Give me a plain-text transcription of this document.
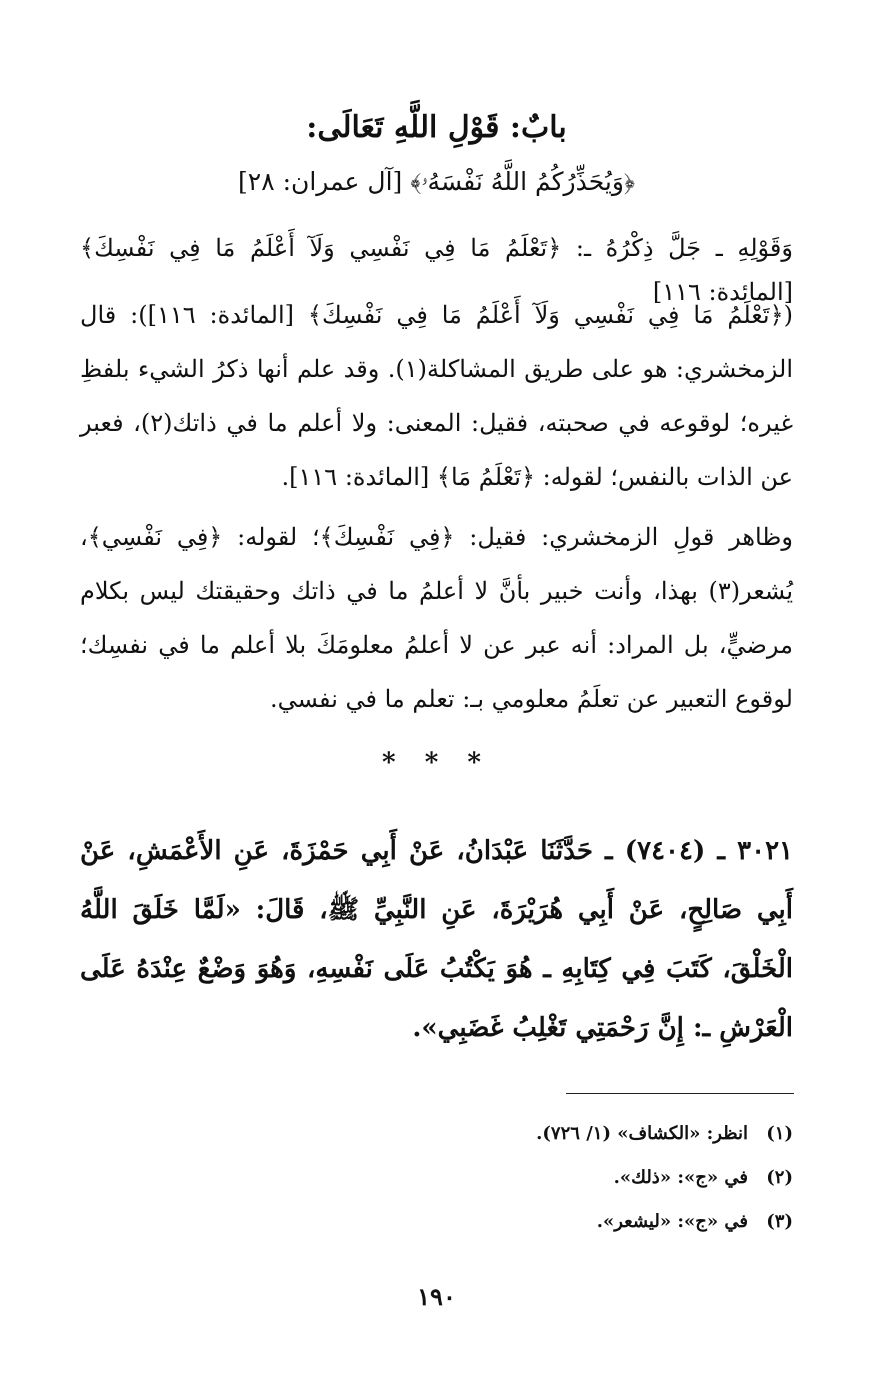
بابٌ: قَوْلِ اللَّهِ تَعَالَى:
﴿وَيُحَذِّرُكُمُ اللَّهُ نَفْسَهُۥ﴾ [آل عمران: ٢٨]
وَقَوْلِهِ ـ جَلَّ ذِكْرُهُ ـ: ﴿تَعْلَمُ مَا فِي نَفْسِي وَلَآ أَعْلَمُ مَا فِي نَفْسِكَ﴾ [المائدة: ١١٦]

(﴿تَعْلَمُ مَا فِي نَفْسِي وَلَآ أَعْلَمُ مَا فِي نَفْسِكَ﴾ [المائدة: ١١٦]): قال الزمخشري: هو على طريق المشاكلة(١). وقد علم أنها ذكرُ الشيء بلفظِ غيره؛ لوقوعه في صحبته، فقيل: المعنى: ولا أعلم ما في ذاتك(٢)، فعبر عن الذات بالنفس؛ لقوله: ﴿تَعْلَمُ مَا﴾ [المائدة: ١١٦].

وظاهر قولِ الزمخشري: فقيل: ﴿فِي نَفْسِكَ﴾؛ لقوله: ﴿فِي نَفْسِي﴾، يُشعر(٣) بهذا، وأنت خبير بأنَّ لا أعلمُ ما في ذاتك وحقيقتك ليس بكلام مرضيٍّ، بل المراد: أنه عبر عن لا أعلمُ معلومَكَ بلا أعلم ما في نفسِك؛ لوقوع التعبير عن تعلَمُ معلومي بـ: تعلم ما في نفسي.

* * *
٣٠٢١ ـ (٧٤٠٤) ـ حَدَّثَنَا عَبْدَانُ، عَنْ أَبِي حَمْزَةَ، عَنِ الأَعْمَشِ، عَنْ أَبِي صَالِحٍ، عَنْ أَبِي هُرَيْرَةَ، عَنِ النَّبِيِّ ﷺ، قَالَ: «لَمَّا خَلَقَ اللَّهُ الْخَلْقَ، كَتَبَ فِي كِتَابِهِ ـ هُوَ يَكْتُبُ عَلَى نَفْسِهِ، وَهُوَ وَضْعٌ عِنْدَهُ عَلَى الْعَرْشِ ـ: إِنَّ رَحْمَتِي تَغْلِبُ غَضَبِي».
(١) انظر: «الكشاف» (١/ ٧٢٦).
(٢) في «ج»: «ذلك».
(٣) في «ج»: «ليشعر».
١٩٠
